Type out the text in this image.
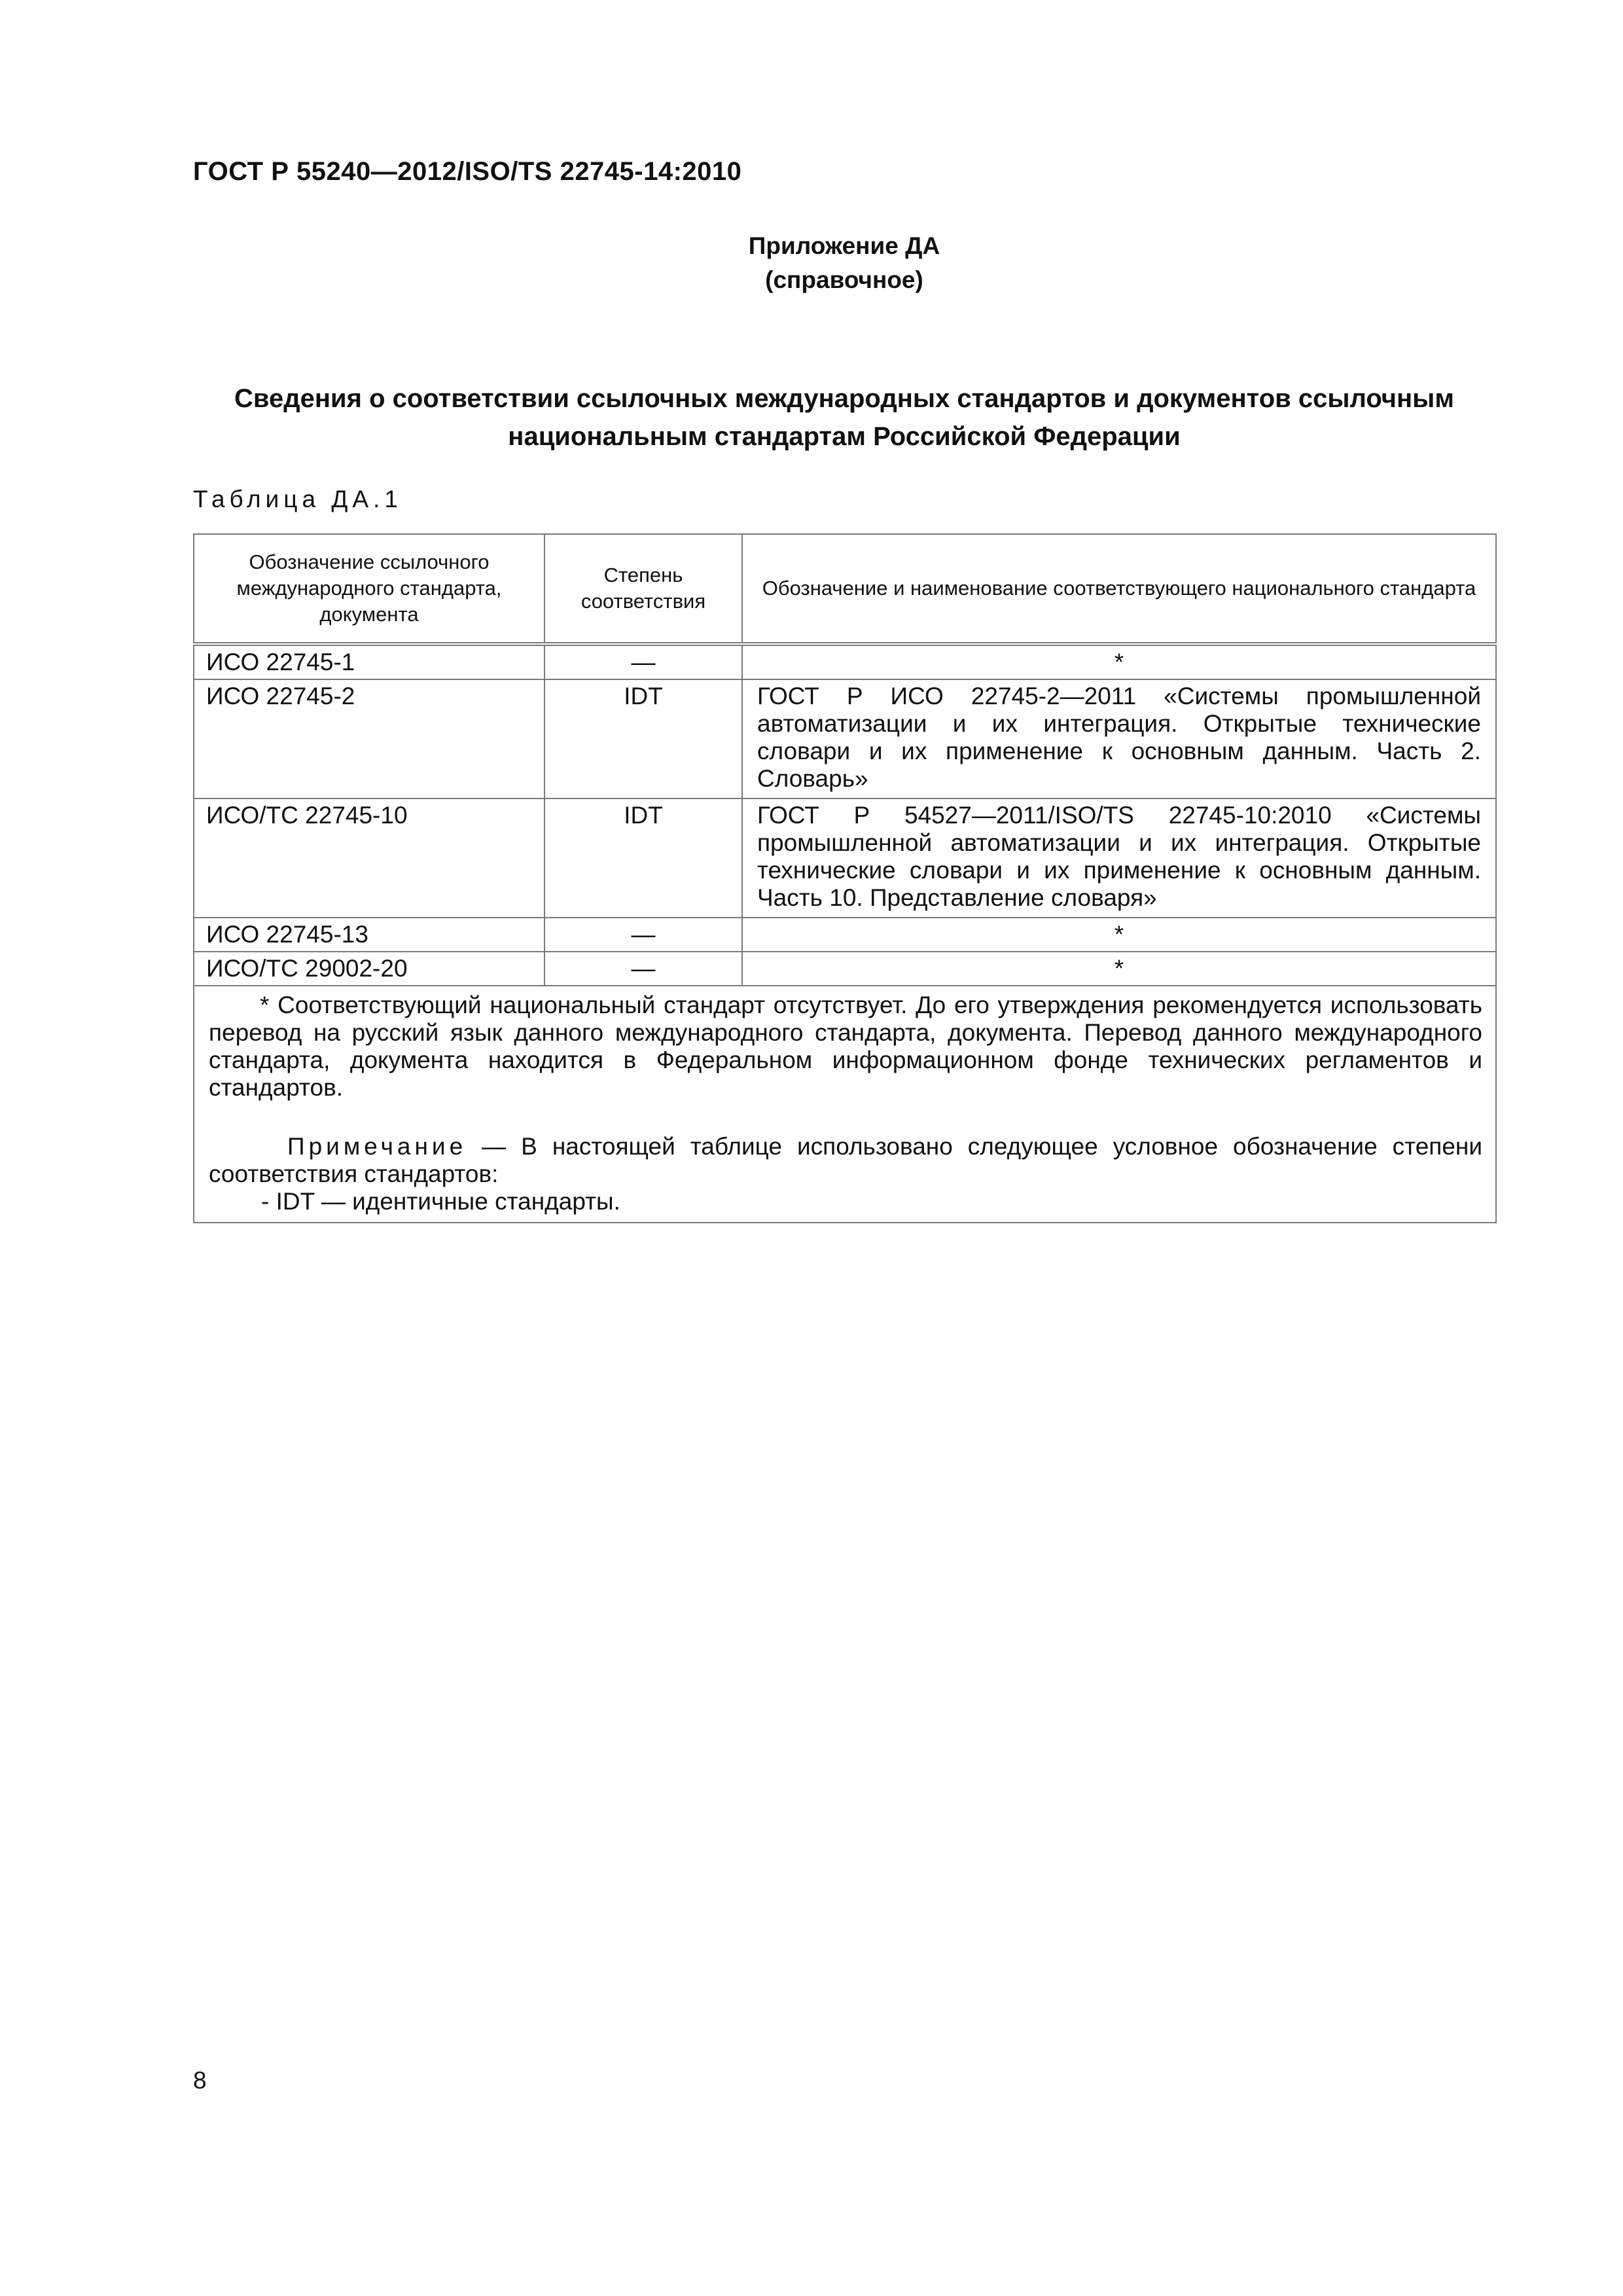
ГОСТ Р 55240—2012/ISO/TS 22745-14:2010
Приложение ДА
(справочное)
Сведения о соответствии ссылочных международных стандартов и документов ссылочным
национальным стандартам Российской Федерации
Таблица ДА.1
Обозначение ссылочного международного стандарта, документа	Степень соответствия	Обозначение и наименование соответствующего национального стандарта
ИСО 22745-1	—	*
ИСО 22745-2	IDT	ГОСТ Р ИСО 22745-2—2011 «Системы промышленной автоматизации и их интеграция. Открытые технические словари и их применение к основным данным. Часть 2. Словарь»
ИСО/ТС 22745-10	IDT	ГОСТ Р 54527—2011/ISO/TS 22745-10:2010 «Системы промышленной автоматизации и их интеграция. Открытые технические словари и их применение к основным данным. Часть 10. Представление словаря»
ИСО 22745-13	—	*
ИСО/ТС 29002-20	—	*

* Соответствующий национальный стандарт отсутствует. До его утверждения рекомендуется использовать перевод на русский язык данного международного стандарта, документа. Перевод данного международного стандарта, документа находится в Федеральном информационном фонде технических регламентов и стандартов.

Примечание — В настоящей таблице использовано следующее условное обозначение степени соответствия стандартов:

- IDT — идентичные стандарты.		

8
